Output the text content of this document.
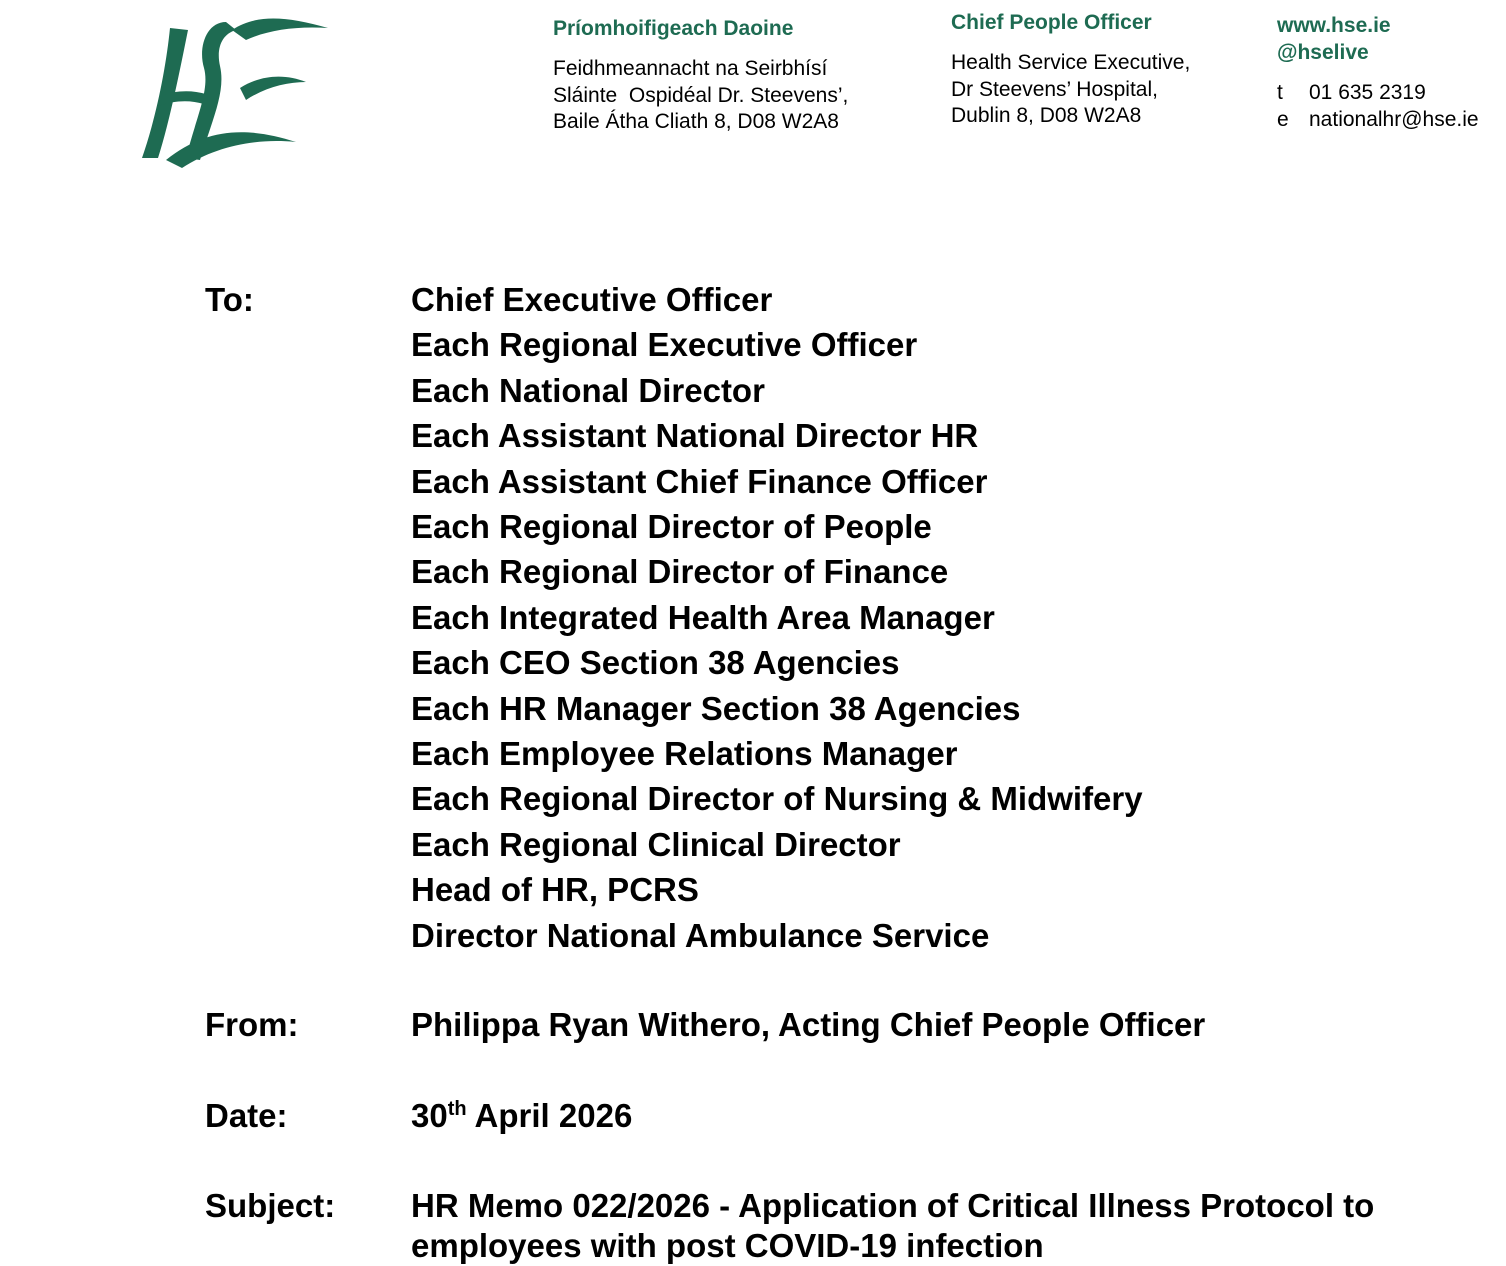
Príomhoifigeach Daoine
Feidhmeannacht na Seirbhísí
Sláinte  Ospidéal Dr. Steevens’,
Baile Átha Cliath 8, D08 W2A8
Chief People Officer
Health Service Executive,
Dr Steevens’ Hospital,
Dublin 8, D08 W2A8
www.hse.ie
@hselive
t	01 635 2319
e nationalhr@hse.ie
To:	Chief Executive Officer
Each Regional Executive Officer
Each National Director
Each Assistant National Director HR
Each Assistant Chief Finance Officer
Each Regional Director of People
Each Regional Director of Finance
Each Integrated Health Area Manager
Each CEO Section 38 Agencies
Each HR Manager Section 38 Agencies
Each Employee Relations Manager
Each Regional Director of Nursing & Midwifery
Each Regional Clinical Director
Head of HR, PCRS
Director National Ambulance Service
From:	Philippa Ryan Withero, Acting Chief People Officer
Date:	30th April 2026
Subject:	HR Memo 022/2026 - Application of Critical Illness Protocol to
employees with post COVID-19 infection
